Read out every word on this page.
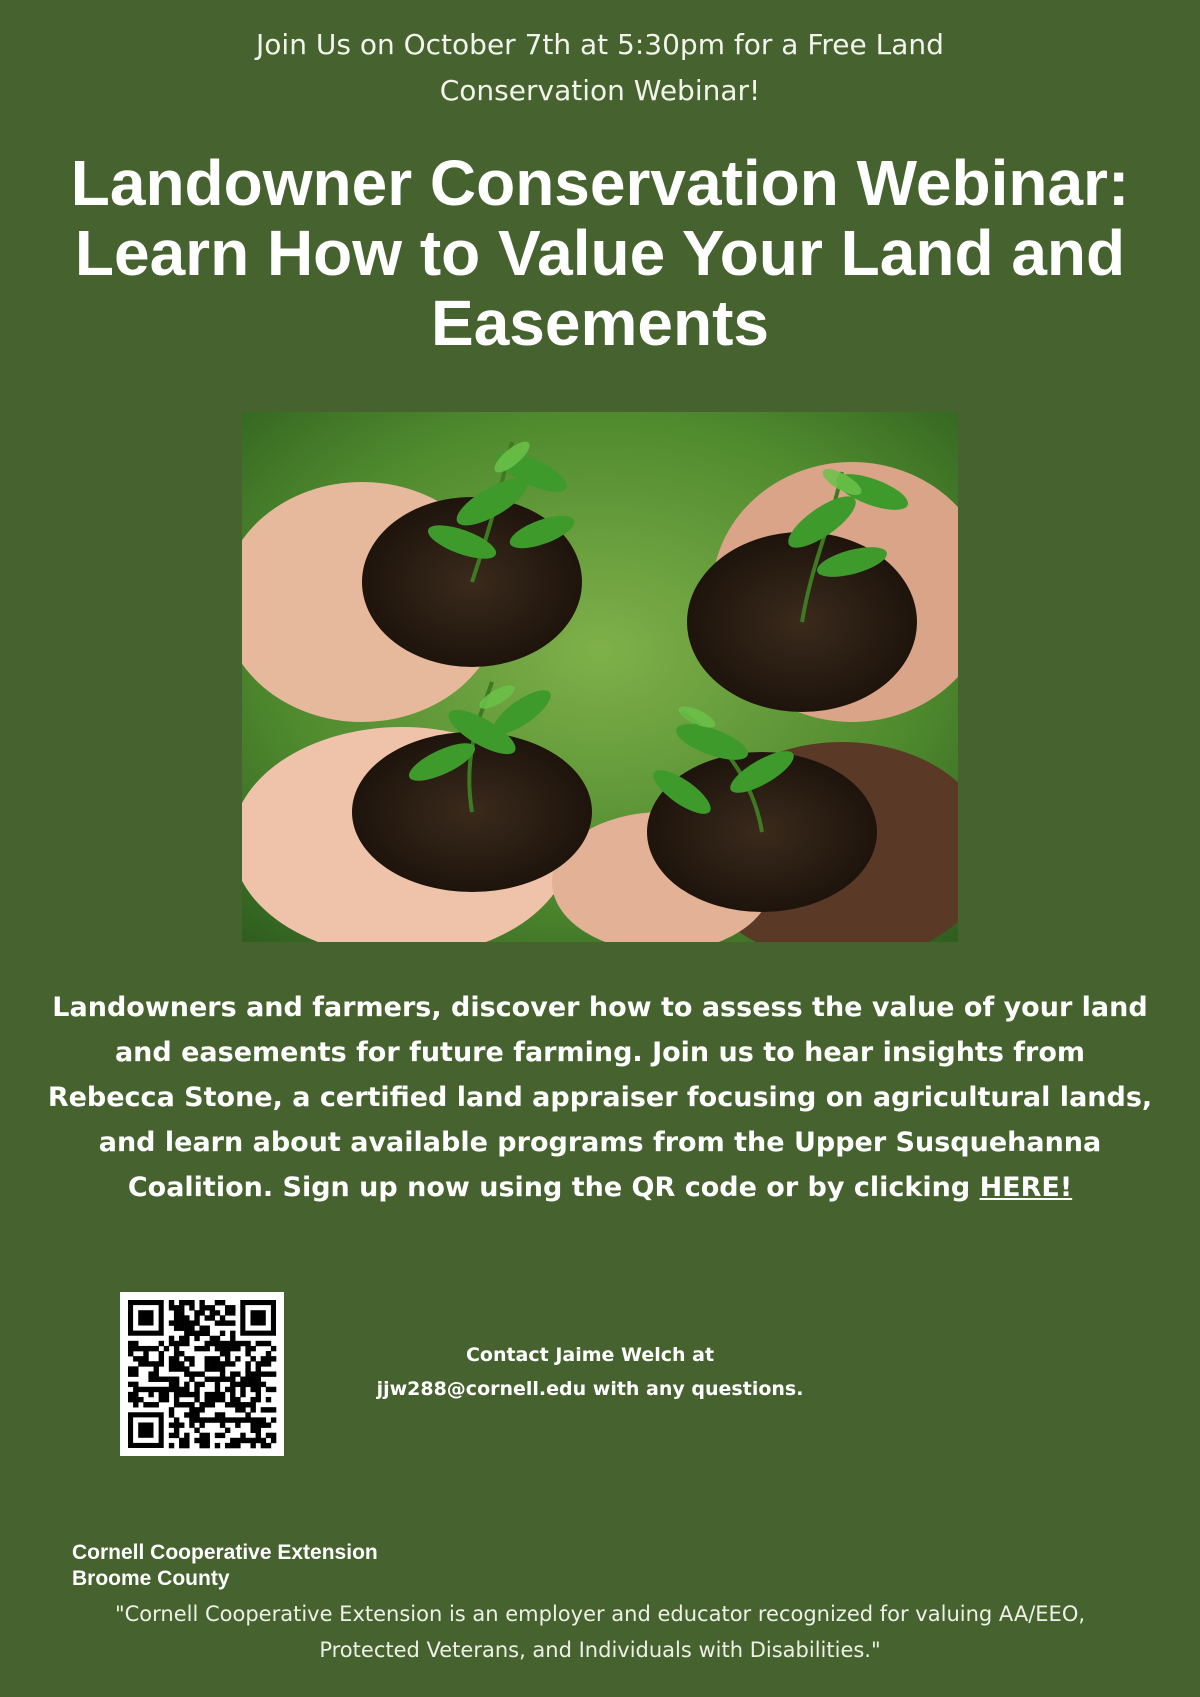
Join Us on October 7th at 5:30pm for a Free Land
Conservation Webinar!
Landowner Conservation Webinar:
Learn How to Value Your Land and
Easements
Landowners and farmers, discover how to assess the value of your land
and easements for future farming. Join us to hear insights from
Rebecca Stone, a certified land appraiser focusing on agricultural lands,
and learn about available programs from the Upper Susquehanna
Coalition. Sign up now using the QR code or by clicking HERE!
Contact Jaime Welch at
jjw288@cornell.edu with any questions.
Cornell Cooperative Extension
Broome County
"Cornell Cooperative Extension is an employer and educator recognized for valuing AA/EEO,
Protected Veterans, and Individuals with Disabilities."
